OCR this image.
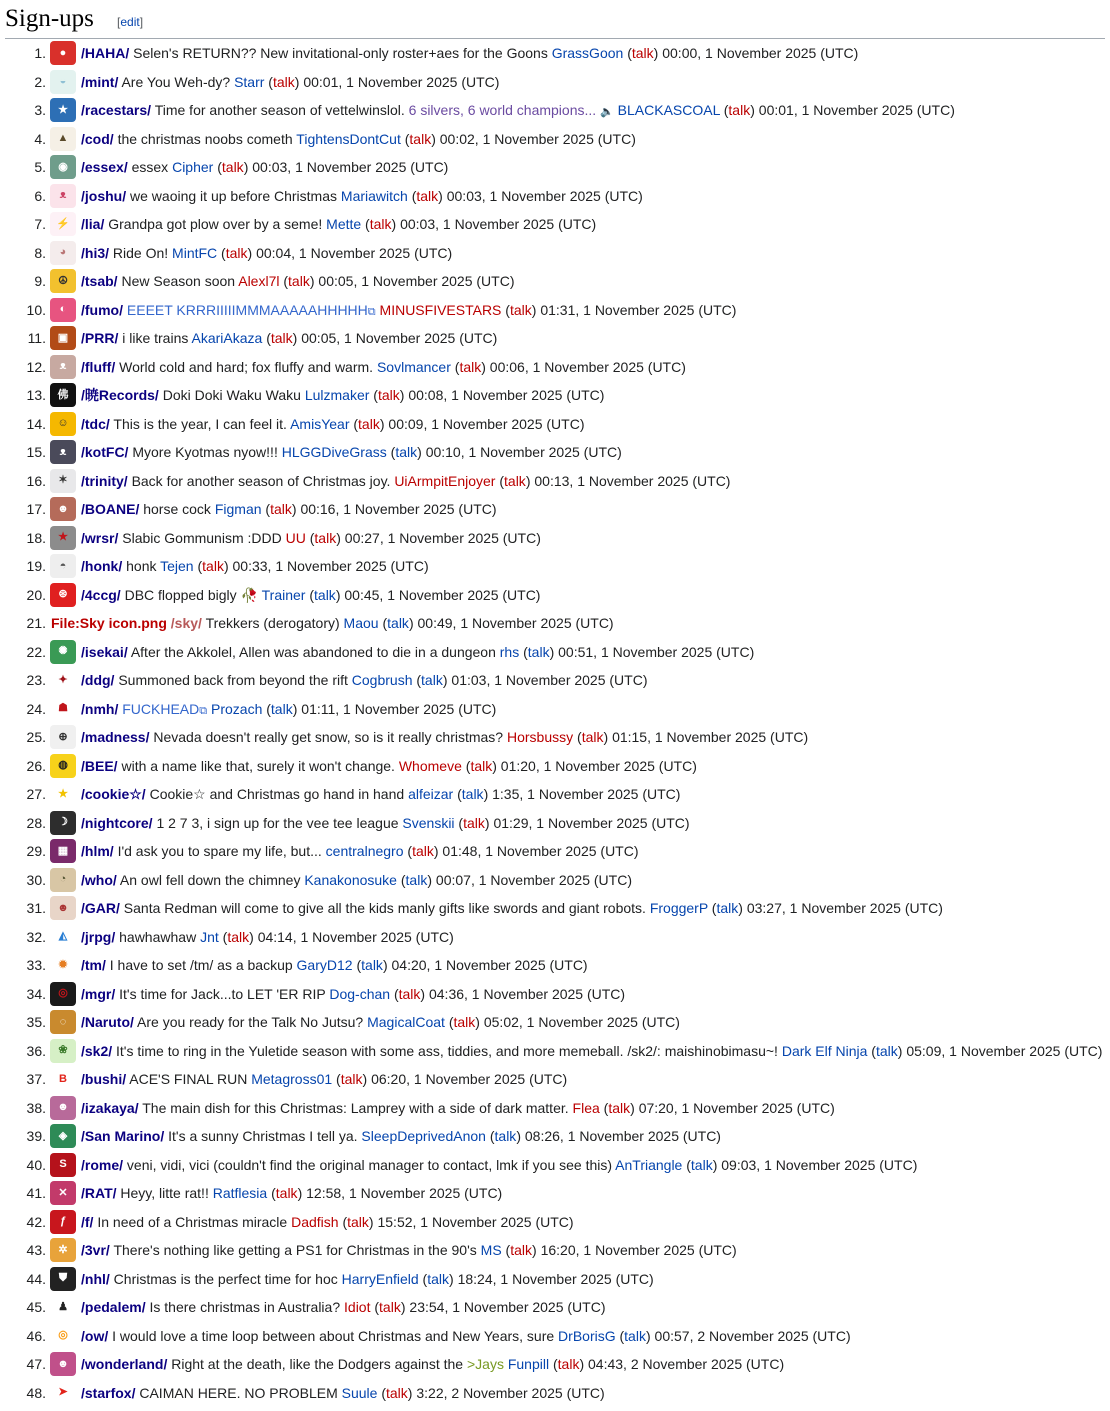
Sign-ups [edit]
1.	●	/HAHA/ Selen's RETURN?? New invitational-only roster+aes for the Goons GrassGoon (talk) 00:00, 1 November 2025 (UTC)
2.	◒	/mint/ Are You Weh-dy? Starr (talk) 00:01, 1 November 2025 (UTC)
3.	★ /racestars/ Time for another season of vettelwinslol. 6 silvers, 6 world champions... 🔈 BLACKASCOAL (talk) 00:01, 1 November 2025 (UTC)
4.	▲ /cod/ the christmas noobs cometh TightensDontCut (talk) 00:02, 1 November 2025 (UTC)
5.	◉ /essex/ essex Cipher (talk) 00:03, 1 November 2025 (UTC)
6.	ᴥ	/joshu/ we waoing it up before Christmas Mariawitch (talk) 00:03, 1 November 2025 (UTC)
7. ⚡ /lia/ Grandpa got plow over by a seme! Mette (talk) 00:03, 1 November 2025 (UTC)
8.	◕	/hi3/ Ride On! MintFC (talk) 00:04, 1 November 2025 (UTC)
9.	☮ /tsab/ New Season soon Alexl7l (talk) 00:05, 1 November 2025 (UTC)
10.	◐	/fumo/ EEEET KRRRIIIIIMMMAAAAAHHHHH⧉ MINUSFIVESTARS (talk) 01:31, 1 November 2025 (UTC)
11.	▣ /PRR/ i like trains AkariAkaza (talk) 00:05, 1 November 2025 (UTC)
12.	ᴥ	/fluff/ World cold and hard; fox fluffy and warm. Sovlmancer (talk) 00:06, 1 November 2025 (UTC)
13.	佛 /暁Records/ Doki Doki Waku Waku Lulzmaker (talk) 00:08, 1 November 2025 (UTC)
14.	☺ /tdc/ This is the year, I can feel it. AmisYear (talk) 00:09, 1 November 2025 (UTC)
15.	ᴥ	/kotFC/ Myore Kyotmas nyow!!! HLGGDiveGrass (talk) 00:10, 1 November 2025 (UTC)
16.	✶ /trinity/ Back for another season of Christmas joy. UiArmpitEnjoyer (talk) 00:13, 1 November 2025 (UTC)
17.	☻ /BOANE/ horse cock Figman (talk) 00:16, 1 November 2025 (UTC)
18.	★ /wrsr/ Slabic Gommunism :DDD UU (talk) 00:27, 1 November 2025 (UTC)
19.	◓	/honk/ honk Tejen (talk) 00:33, 1 November 2025 (UTC)
20.	⊛ /4ccg/ DBC flopped bigly 🥀 Trainer (talk) 00:45, 1 November 2025 (UTC)
21. File:Sky icon.png /sky/ Trekkers (derogatory) Maou (talk) 00:49, 1 November 2025 (UTC)
22.	✺ /isekai/ After the Akkolel, Allen was abandoned to die in a dungeon rhs (talk) 00:51, 1 November 2025 (UTC)
23.	✦ /ddg/ Summoned back from beyond the rift Cogbrush (talk) 01:03, 1 November 2025 (UTC)
24.	☗ /nmh/ FUCKHEAD⧉ Prozach (talk) 01:11, 1 November 2025 (UTC)
25.	⊕ /madness/ Nevada doesn't really get snow, so is it really christmas? Horsbussy (talk) 01:15, 1 November 2025 (UTC)
26.	◍ /BEE/ with a name like that, surely it won't change. Whomeve (talk) 01:20, 1 November 2025 (UTC)
27.	★ /cookie☆/ Cookie☆ and Christmas go hand in hand alfeizar (talk) 1:35, 1 November 2025 (UTC)
28.	☽ /nightcore/ 1 2 7 3, i sign up for the vee tee league Svenskii (talk) 01:29, 1 November 2025 (UTC)
29.	▦ /hlm/ I'd ask you to spare my life, but... centralnegro (talk) 01:48, 1 November 2025 (UTC)
30.	◔	/who/ An owl fell down the chimney Kanakonosuke (talk) 00:07, 1 November 2025 (UTC)
31.	☻ /GAR/ Santa Redman will come to give all the kids manly gifts like swords and giant robots. FroggerP (talk) 03:27, 1 November 2025 (UTC)
32.	◭ /jrpg/ hawhawhaw Jnt (talk) 04:14, 1 November 2025 (UTC)
33.	✹ /tm/ I have to set /tm/ as a backup GaryD12 (talk) 04:20, 1 November 2025 (UTC)
34.	◎ /mgr/ It's time for Jack...to LET 'ER RIP Dog-chan (talk) 04:36, 1 November 2025 (UTC)
35.	◌	/Naruto/ Are you ready for the Talk No Jutsu? MagicalCoat (talk) 05:02, 1 November 2025 (UTC)
36.	❀ /sk2/ It's time to ring in the Yuletide season with some ass, tiddies, and more memeball. /sk2/: maishinobimasu~! Dark Elf Ninja (talk) 05:09, 1 November 2025 (UTC)
37.	B	/bushi/ ACE'S FINAL RUN Metagross01 (talk) 06:20, 1 November 2025 (UTC)
38.	☻ /izakaya/ The main dish for this Christmas: Lamprey with a side of dark matter. Flea (talk) 07:20, 1 November 2025 (UTC)
39.	◈ /San Marino/ It's a sunny Christmas I tell ya. SleepDeprivedAnon (talk) 08:26, 1 November 2025 (UTC)
40.	S	/rome/ veni, vidi, vici (couldn't find the original manager to contact, lmk if you see this) AnTriangle (talk) 09:03, 1 November 2025 (UTC)
41.	✕ /RAT/ Heyy, litte rat!! Ratflesia (talk) 12:58, 1 November 2025 (UTC)
42.	ƒ	/f/ In need of a Christmas miracle Dadfish (talk) 15:52, 1 November 2025 (UTC)
43.	✲ /3vr/ There's nothing like getting a PS1 for Christmas in the 90's MS (talk) 16:20, 1 November 2025 (UTC)
44.	⛊ /nhl/ Christmas is the perfect time for hoc HarryEnfield (talk) 18:24, 1 November 2025 (UTC)
45.	♟ /pedalem/ Is there christmas in Australia? Idiot (talk) 23:54, 1 November 2025 (UTC)
46.	◎ /ow/ I would love a time loop between about Christmas and New Years, sure DrBorisG (talk) 00:57, 2 November 2025 (UTC)
47.	☻ /wonderland/ Right at the death, like the Dodgers against the >Jays Funpill (talk) 04:43, 2 November 2025 (UTC)
48.	➤ /starfox/ CAIMAN HERE. NO PROBLEM Suule (talk) 3:22, 2 November 2025 (UTC)
